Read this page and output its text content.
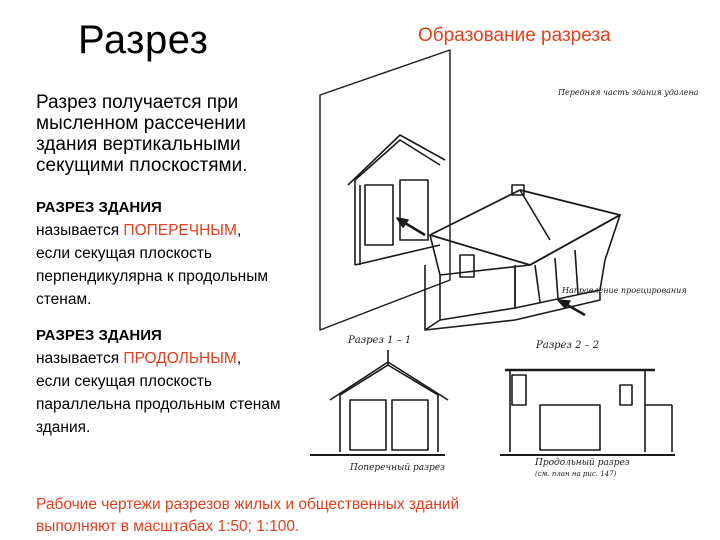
Разрез	Образование разреза
Разрез получается при мысленном рассечении здания вертикальными секущими плоскостями.
РАЗРЕЗ ЗДАНИЯ
называется ПОПЕРЕЧНЫМ,
если секущая плоскость перпендикулярна к продольным стенам.
РАЗРЕЗ ЗДАНИЯ
называется ПРОДОЛЬНЫМ,
если секущая плоскость параллельна продольным стенам здания.
Рабочие чертежи разрезов жилых и общественных зданий выполняют в масштабах 1:50; 1:100.
Передняя часть здания удалена
Направление проецирования
Разрез 1 – 1	Разрез 2 – 2
Поперечный разрез	Продольный разрез
(см. план на рис. 147)
